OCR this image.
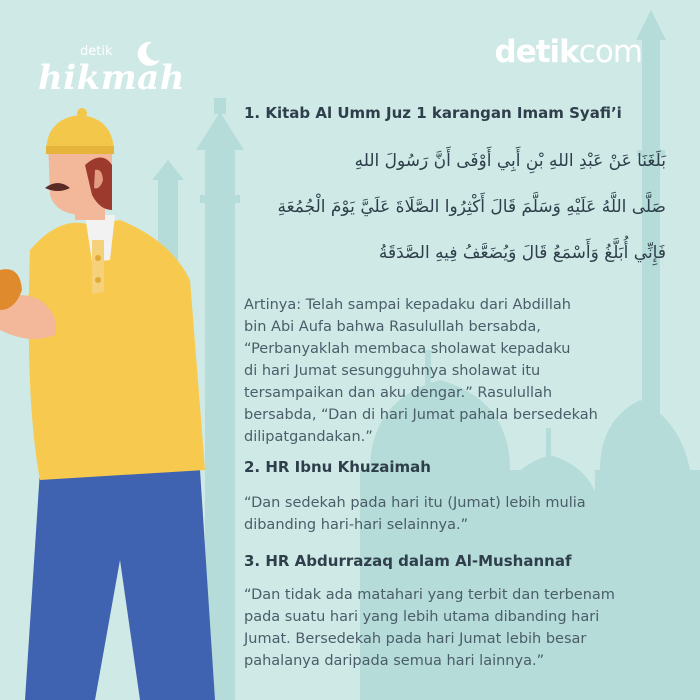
detik
hikmah
detikcom
1. Kitab Al Umm Juz 1 karangan Imam Syafi’i
بَلَغَنَا عَنْ عَبْدِ اللهِ بْنِ أَبِي أَوْفَى أَنَّ رَسُولَ اللهِ
صَلَّى اللَّهُ عَلَيْهِ وَسَلَّمَ قَالَ أَكْثِرُوا الصَّلَاةَ عَلَيَّ يَوْمَ الْجُمُعَةِ
فَإِنِّي أُبَلَّغُ وَأَسْمَعُ قَالَ وَيُضَعَّفُ فِيهِ الصَّدَقَةُ

Artinya: Telah sampai kepadaku dari Abdillah
bin Abi Aufa bahwa Rasulullah bersabda,
“Perbanyaklah membaca sholawat kepadaku
di hari Jumat sesungguhnya sholawat itu
tersampaikan dan aku dengar.” Rasulullah
bersabda, “Dan di hari Jumat pahala bersedekah
dilipatgandakan.”

2. HR Ibnu Khuzaimah

“Dan sedekah pada hari itu (Jumat) lebih mulia
dibanding hari-hari selainnya.”

3. HR Abdurrazaq dalam Al-Mushannaf

“Dan tidak ada matahari yang terbit dan terbenam
pada suatu hari yang lebih utama dibanding hari
Jumat. Bersedekah pada hari Jumat lebih besar
pahalanya daripada semua hari lainnya.”
